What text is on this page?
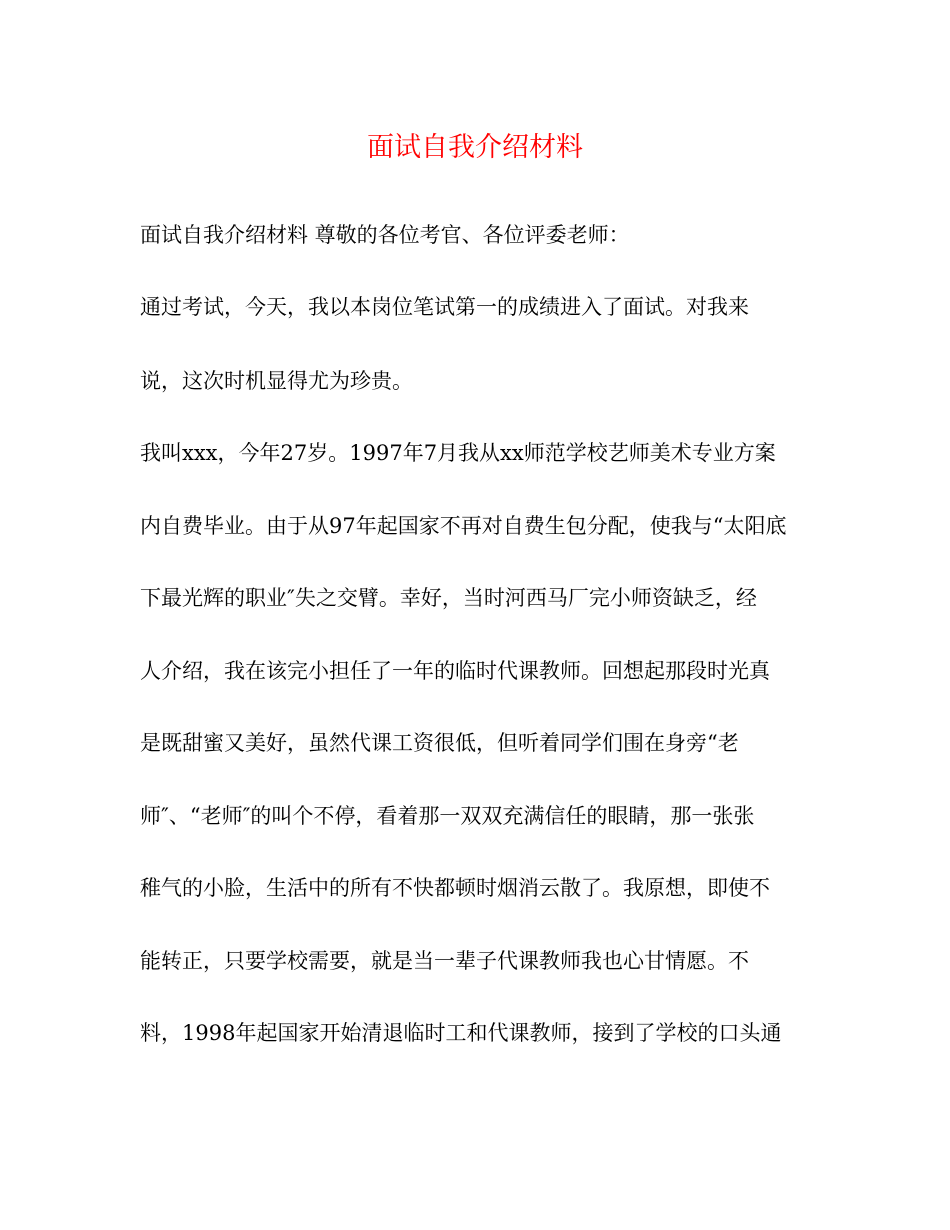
面试自我介绍材料

面试自我介绍材料 尊敬的各位考官、各位评委老师：

通过考试，今天，我以本岗位笔试第一的成绩进入了面试。对我来

说，这次时机显得尤为珍贵。

我叫xxx，今年27岁。1997年7月我从xx师范学校艺师美术专业方案

内自费毕业。由于从97年起国家不再对自费生包分配，使我与“太阳底

下最光辉的职业″失之交臂。幸好，当时河西马厂完小师资缺乏，经

人介绍，我在该完小担任了一年的临时代课教师。回想起那段时光真

是既甜蜜又美好，虽然代课工资很低，但听着同学们围在身旁“老

师″、“老师″的叫个不停，看着那一双双充满信任的眼睛，那一张张

稚气的小脸，生活中的所有不快都顿时烟消云散了。我原想，即使不

能转正，只要学校需要，就是当一辈子代课教师我也心甘情愿。不

料，1998年起国家开始清退临时工和代课教师，接到了学校的口头通
